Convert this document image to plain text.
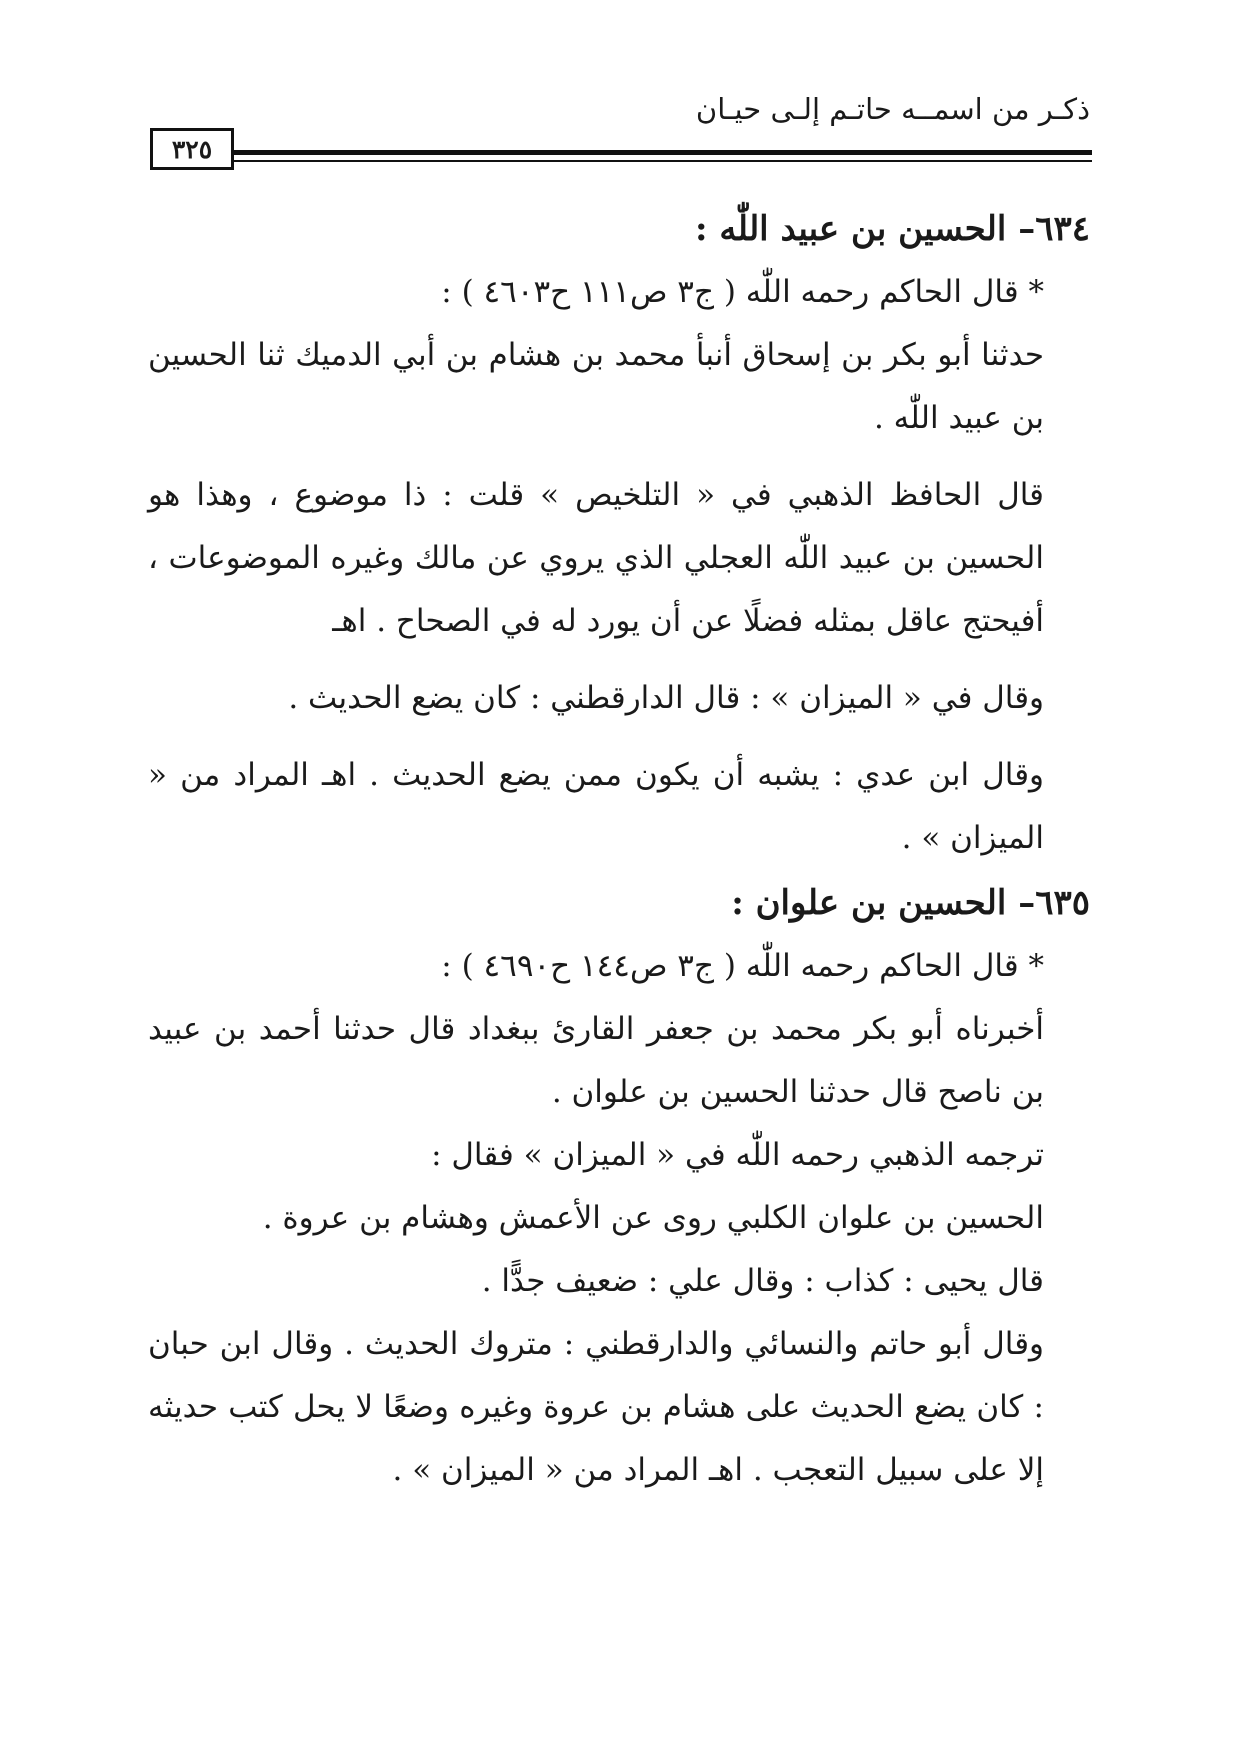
ذكـر من اسمــه حاتـم إلـى حيـان
٣٢٥

٦٣٤– الحسين بن عبيد اللّٰه :

* قال الحاكم رحمه اللّٰه ( ج٣ ص١١١ ح٤٦٠٣ ) :

حدثنا أبو بكر بن إسحاق أنبأ محمد بن هشام بن أبي الدميك ثنا الحسين بن عبيد اللّٰه .

قال الحافظ الذهبي في « التلخيص » قلت : ذا موضوع ، وهذا هو الحسين بن عبيد اللّٰه العجلي الذي يروي عن مالك وغيره الموضوعات ، أفيحتج عاقل بمثله فضلًا عن أن يورد له في الصحاح . اهـ

وقال في « الميزان » : قال الدارقطني : كان يضع الحديث .

وقال ابن عدي : يشبه أن يكون ممن يضع الحديث . اهـ المراد من « الميزان » .

٦٣٥– الحسين بن علوان :

* قال الحاكم رحمه اللّٰه ( ج٣ ص١٤٤ ح٤٦٩٠ ) :

أخبرناه أبو بكر محمد بن جعفر القارئ ببغداد قال حدثنا أحمد بن عبيد بن ناصح قال حدثنا الحسين بن علوان .

ترجمه الذهبي رحمه اللّٰه في « الميزان » فقال :

الحسين بن علوان الكلبي روى عن الأعمش وهشام بن عروة .

قال يحيى : كذاب : وقال علي : ضعيف جدًّا .

وقال أبو حاتم والنسائي والدارقطني : متروك الحديث . وقال ابن حبان : كان يضع الحديث على هشام بن عروة وغيره وضعًا لا يحل كتب حديثه إلا على سبيل التعجب . اهـ المراد من « الميزان » .
